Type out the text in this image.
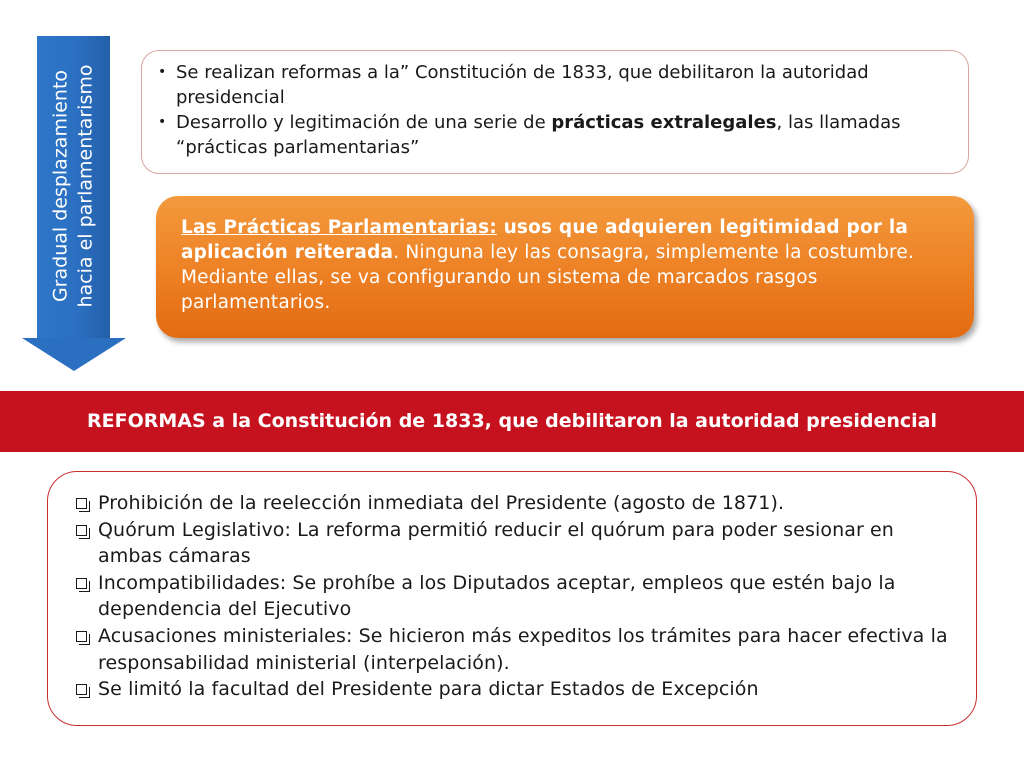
Gradual desplazamiento hacia el parlamentarismo	• Se realizan reformas a la” Constitución de 1833, que debilitaron la autoridad presidencial
• Desarrollo y legitimación de una serie de prácticas extralegales, las llamadas “prácticas parlamentarias”
Las Prácticas Parlamentarias: usos que adquieren legitimidad por la aplicación reiterada. Ninguna ley las consagra, simplemente la costumbre. Mediante ellas, se va configurando un sistema de marcados rasgos parlamentarios.
REFORMAS a la Constitución de 1833, que debilitaron la autoridad presidencial
Prohibición de la reelección inmediata del Presidente (agosto de 1871).
Quórum Legislativo: La reforma permitió reducir el quórum para poder sesionar en ambas cámaras
Incompatibilidades: Se prohíbe a los Diputados aceptar, empleos que estén bajo la dependencia del Ejecutivo
Acusaciones ministeriales: Se hicieron más expeditos los trámites para hacer efectiva la responsabilidad ministerial (interpelación).
Se limitó la facultad del Presidente para dictar Estados de Excepción
